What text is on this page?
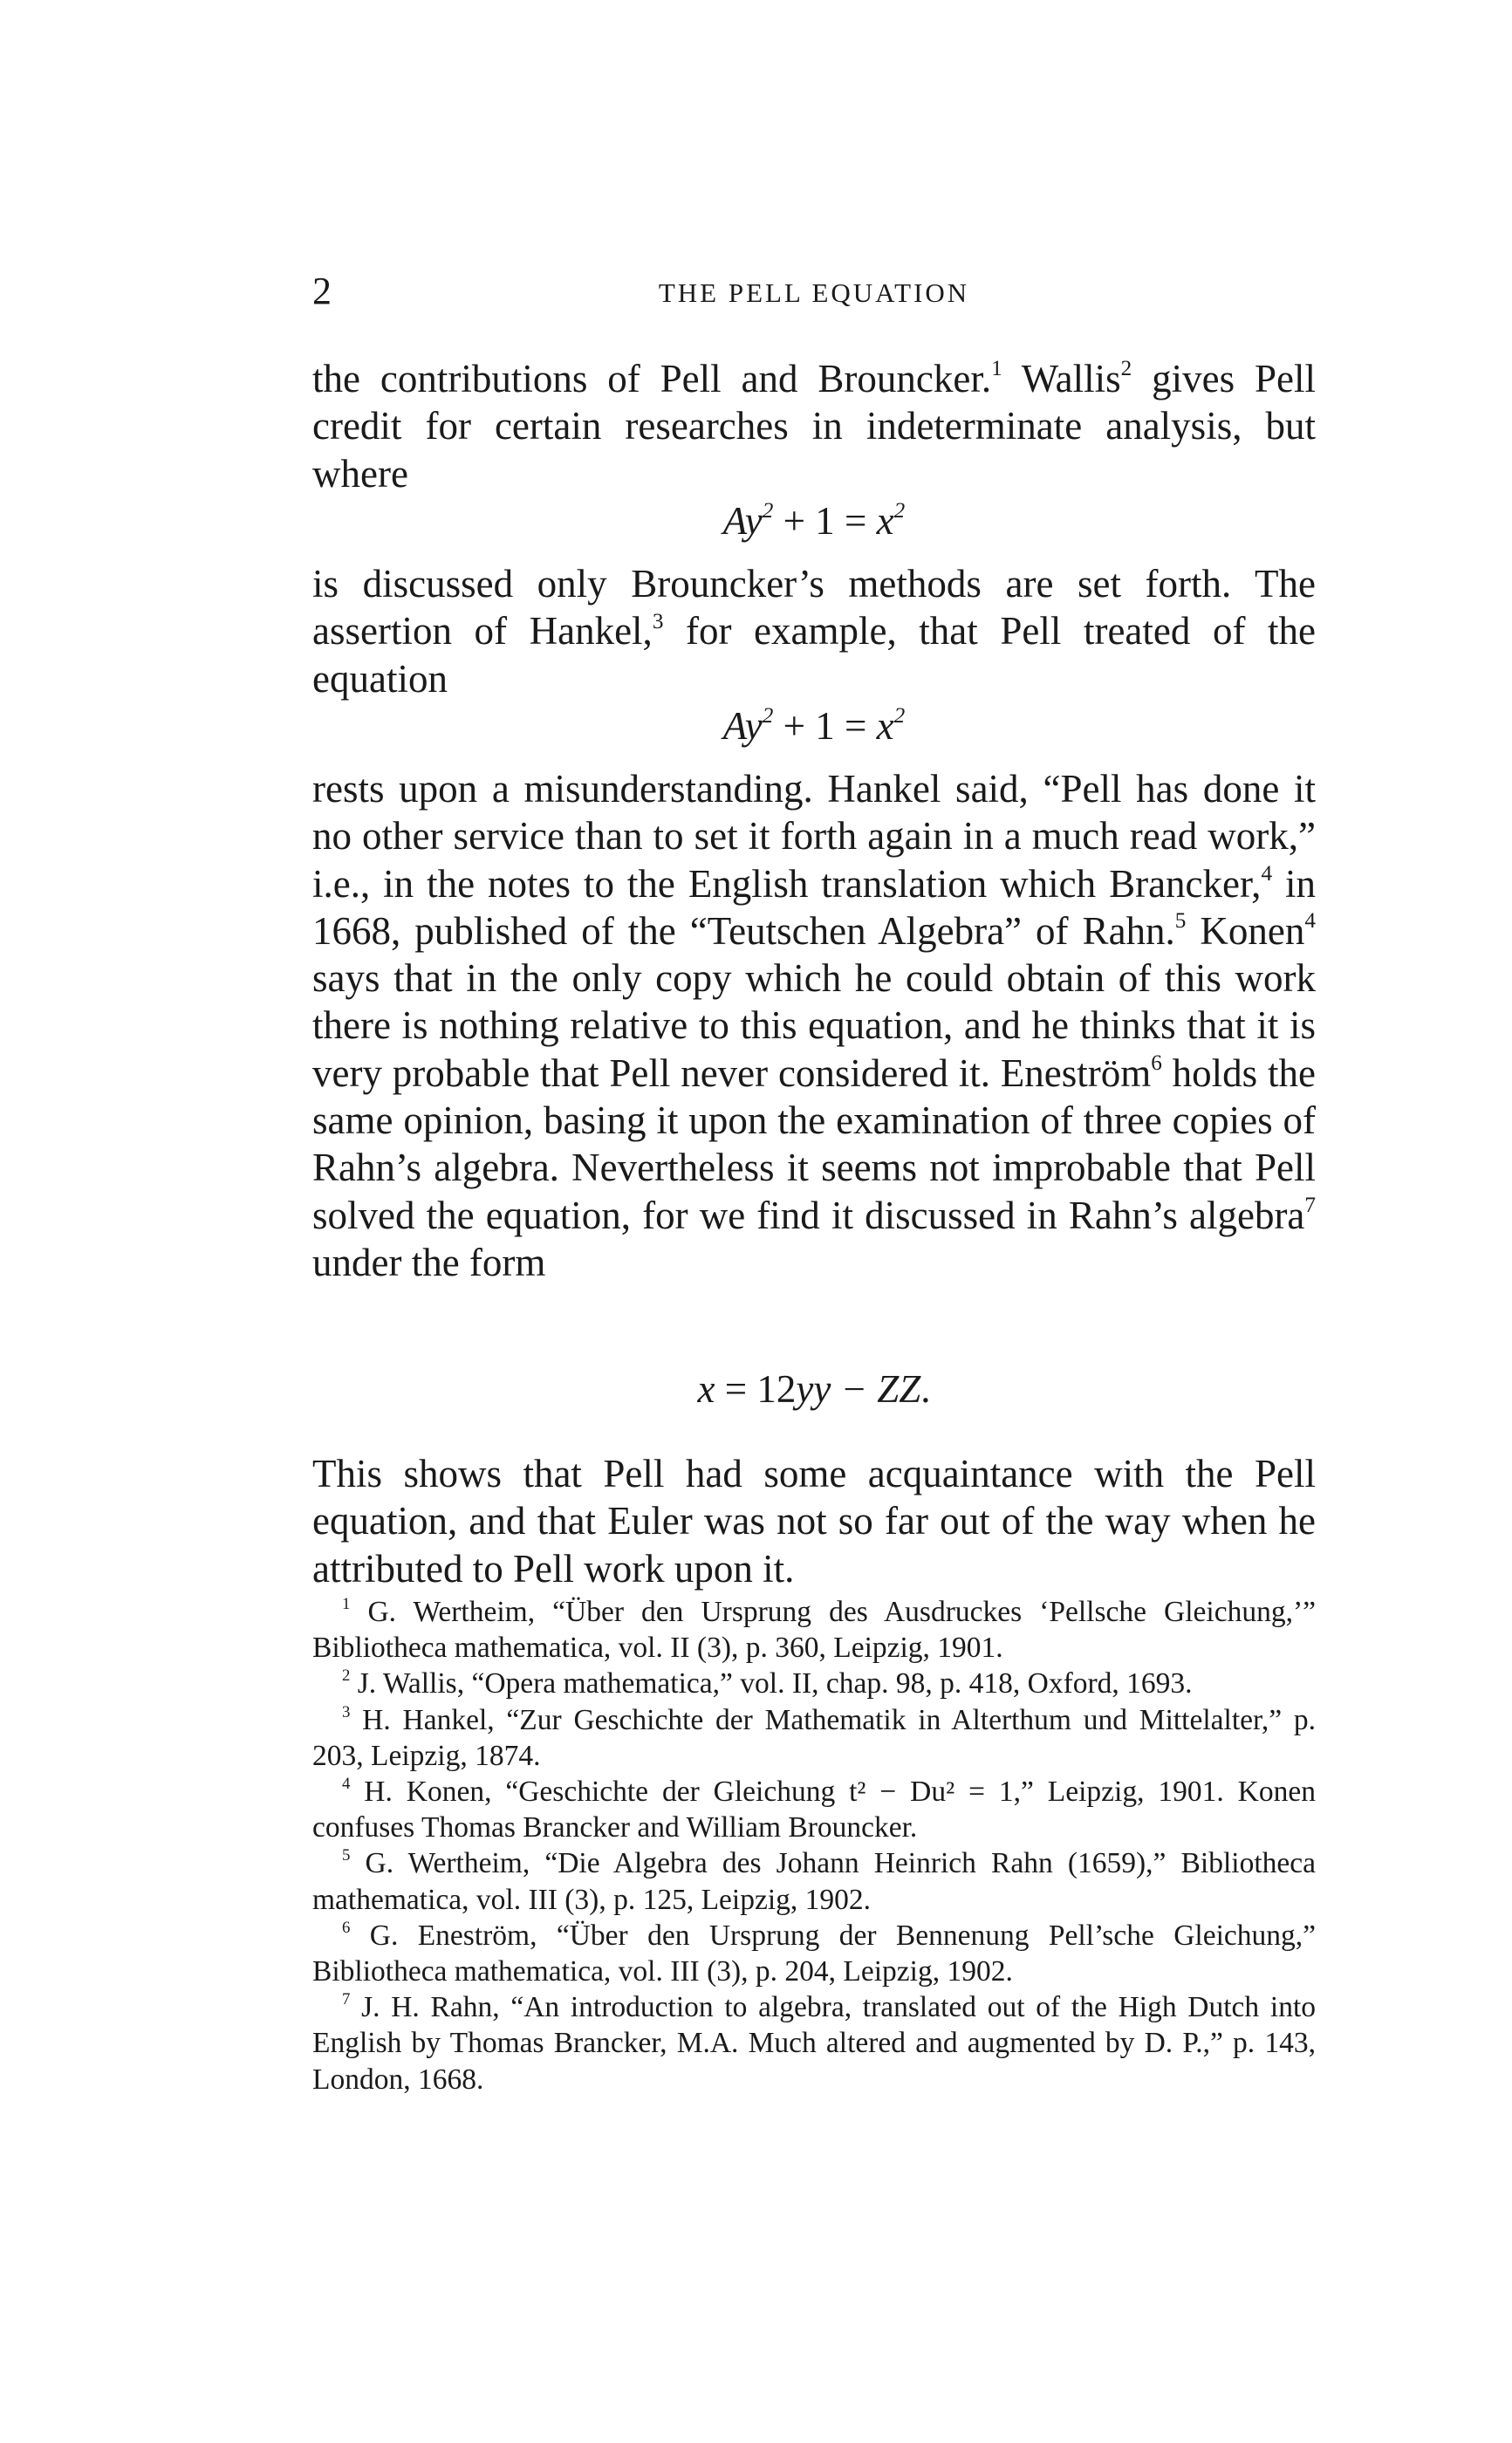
2	THE PELL EQUATION

the contributions of Pell and Brouncker.$^1$ Wallis$^2$ gives Pell credit for certain researches in indeterminate analysis, but where

$Ay^2 + 1 = x^2$

is discussed only Brouncker’s methods are set forth. The assertion of Hankel,$^3$ for example, that Pell treated of the equation

$Ay^2 + 1 = x^2$

rests upon a misunderstanding. Hankel said, “Pell has done it no other service than to set it forth again in a much read work,” i.e., in the notes to the English translation which Brancker,$^4$ in 1668, published of the “Teutschen Algebra” of Rahn.$^5$ Konen$^4$ says that in the only copy which he could obtain of this work there is nothing relative to this equation, and he thinks that it is very probable that Pell never considered it. Eneström$^6$ holds the same opinion, basing it upon the examination of three copies of Rahn’s algebra. Nevertheless it seems not improbable that Pell solved the equation, for we find it discussed in Rahn’s algebra$^7$ under the form

x = 12yy − ZZ.

This shows that Pell had some acquaintance with the Pell equation, and that Euler was not so far out of the way when he attributed to Pell work upon it.

$^1$ G. Wertheim, “Über den Ursprung des Ausdruckes ‘Pellsche Gleichung,’” Bibliotheca mathematica, vol. II (3), p. 360, Leipzig, 1901.

$^2$ J. Wallis, “Opera mathematica,” vol. II, chap. 98, p. 418, Oxford, 1693.

$^3$ H. Hankel, “Zur Geschichte der Mathematik in Alterthum und Mittelalter,” p. 203, Leipzig, 1874.

$^4$ H. Konen, “Geschichte der Gleichung t² − Du² = 1,” Leipzig, 1901. Konen confuses Thomas Brancker and William Brouncker.

$^5$ G. Wertheim, “Die Algebra des Johann Heinrich Rahn (1659),” Bibliotheca mathematica, vol. III (3), p. 125, Leipzig, 1902.

$^6$ G. Eneström, “Über den Ursprung der Bennenung Pell’sche Gleichung,” Bibliotheca mathematica, vol. III (3), p. 204, Leipzig, 1902.

$^7$ J. H. Rahn, “An introduction to algebra, translated out of the High Dutch into English by Thomas Brancker, M.A. Much altered and augmented by D. P.,” p. 143, London, 1668.
